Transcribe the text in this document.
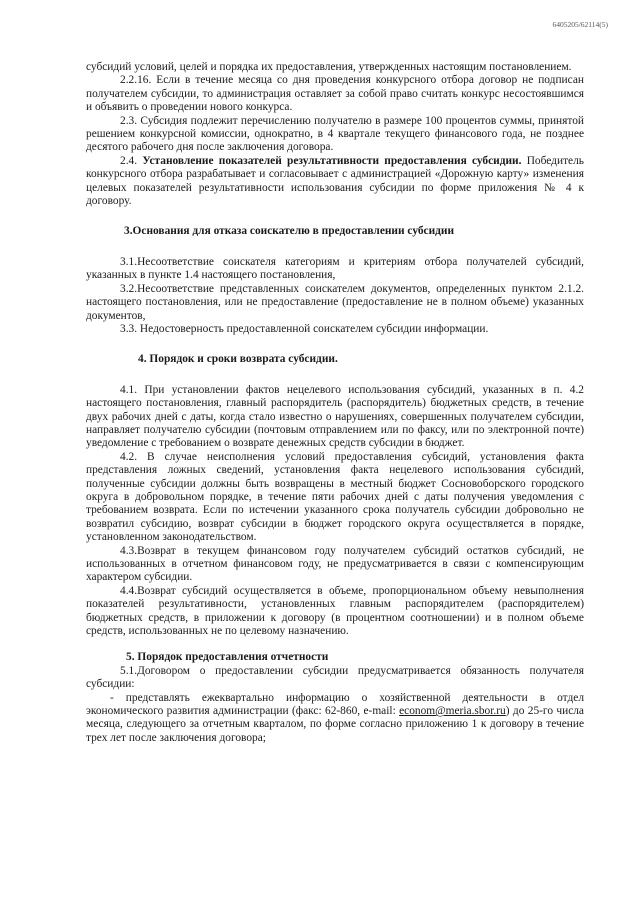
6405205/62114(5)

субсидий условий, целей и порядка их предоставления, утвержденных настоящим постановлением.

2.2.16. Если в течение месяца со дня проведения конкурсного отбора договор не подписан получателем субсидии, то администрация оставляет за собой право считать конкурс несостоявшимся и объявить о проведении нового конкурса.

2.3. Субсидия подлежит перечислению получателю в размере 100 процентов суммы, принятой решением конкурсной комиссии, однократно, в 4 квартале текущего финансового года, не позднее десятого рабочего дня после заключения договора.

2.4. Установление показателей результативности предоставления субсидии. Победитель конкурсного отбора разрабатывает и согласовывает с администрацией «Дорожную карту» изменения целевых показателей результативности использования субсидии по форме приложения № 4 к договору.

3.Основания для отказа соискателю в предоставлении субсидии

3.1.Несоответствие соискателя категориям и критериям отбора получателей субсидий, указанных в пункте 1.4 настоящего постановления,

3.2.Несоответствие представленных соискателем документов, определенных пунктом 2.1.2. настоящего постановления, или не предоставление (предоставление не в полном объеме) указанных документов,

3.3. Недостоверность предоставленной соискателем субсидии информации.

4. Порядок и сроки возврата субсидии.

4.1. При установлении фактов нецелевого использования субсидий, указанных в п. 4.2 настоящего постановления, главный распорядитель (распорядитель) бюджетных средств, в течение двух рабочих дней с даты, когда стало известно о нарушениях, совершенных получателем субсидии, направляет получателю субсидии (почтовым отправлением или по факсу, или по электронной почте) уведомление с требованием о возврате денежных средств субсидии в бюджет.

4.2. В случае неисполнения условий предоставления субсидий, установления факта представления ложных сведений, установления факта нецелевого использования субсидий, полученные субсидии должны быть возвращены в местный бюджет Сосновоборского городского округа в добровольном порядке, в течение пяти рабочих дней с даты получения уведомления с требованием возврата. Если по истечении указанного срока получатель субсидии добровольно не возвратил субсидию, возврат субсидии в бюджет городского округа осуществляется в порядке, установленном законодательством.

4.3.Возврат в текущем финансовом году получателем субсидий остатков субсидий, не использованных в отчетном финансовом году, не предусматривается в связи с компенсирующим характером субсидии.

4.4.Возврат субсидий осуществляется в объеме, пропорциональном объему невыполнения показателей результативности, установленных главным распорядителем (распорядителем) бюджетных средств, в приложении к договору (в процентном соотношении) и в полном объеме средств, использованных не по целевому назначению.

5. Порядок предоставления отчетности

5.1.Договором о предоставлении субсидии предусматривается обязанность получателя субсидии:

- представлять ежеквартально информацию о хозяйственной деятельности в отдел экономического развития администрации (факс: 62-860, e-mail: econom@meria.sbor.ru) до 25-го числа месяца, следующего за отчетным кварталом, по форме согласно приложению 1 к договору в течение трех лет после заключения договора;
